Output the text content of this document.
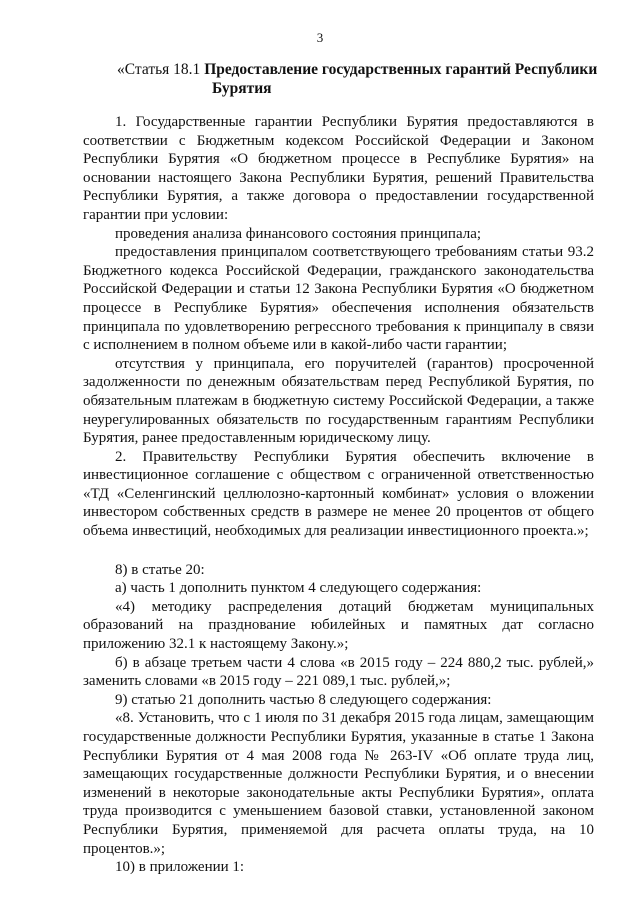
3
«Статья 18.1 Предоставление государственных гарантий Республики
Бурятия

1. Государственные гарантии Республики Бурятия предоставляются в соответствии с Бюджетным кодексом Российской Федерации и Законом Республики Бурятия «О бюджетном процессе в Республике Бурятия» на основании настоящего Закона Республики Бурятия, решений Правительства Республики Бурятия, а также договора о предоставлении государственной гарантии при условии:

проведения анализа финансового состояния принципала;

предоставления принципалом соответствующего требованиям статьи 93.2 Бюджетного кодекса Российской Федерации, гражданского законодательства Российской Федерации и статьи 12 Закона Республики Бурятия «О бюджетном процессе в Республике Бурятия» обеспечения исполнения обязательств принципала по удовлетворению регрессного требования к принципалу в связи с исполнением в полном объеме или в какой-либо части гарантии;

отсутствия у принципала, его поручителей (гарантов) просроченной задолженности по денежным обязательствам перед Республикой Бурятия, по обязательным платежам в бюджетную систему Российской Федерации, а также неурегулированных обязательств по государственным гарантиям Республики Бурятия, ранее предоставленным юридическому лицу.

2. Правительству Республики Бурятия обеспечить включение в инвестиционное соглашение с обществом с ограниченной ответственностью «ТД «Селенгинский целлюлозно-картонный комбинат» условия о вложении инвестором собственных средств в размере не менее 20 процентов от общего объема инвестиций, необходимых для реализации инвестиционного проекта.»;

8) в статье 20:

а) часть 1 дополнить пунктом 4 следующего содержания:

«4) методику распределения дотаций бюджетам муниципальных образований на празднование юбилейных и памятных дат согласно приложению 32.1 к настоящему Закону.»;

б) в абзаце третьем части 4 слова «в 2015 году – 224 880,2 тыс. рублей,» заменить словами «в 2015 году – 221 089,1 тыс. рублей,»;

9) статью 21 дополнить частью 8 следующего содержания:

«8. Установить, что с 1 июля по 31 декабря 2015 года лицам, замещающим государственные должности Республики Бурятия, указанные в статье 1 Закона Республики Бурятия от 4 мая 2008 года № 263-IV «Об оплате труда лиц, замещающих государственные должности Республики Бурятия, и о внесении изменений в некоторые законодательные акты Республики Бурятия», оплата труда производится с уменьшением базовой ставки, установленной законом Республики Бурятия, применяемой для расчета оплаты труда, на 10 процентов.»;

10) в приложении 1:
